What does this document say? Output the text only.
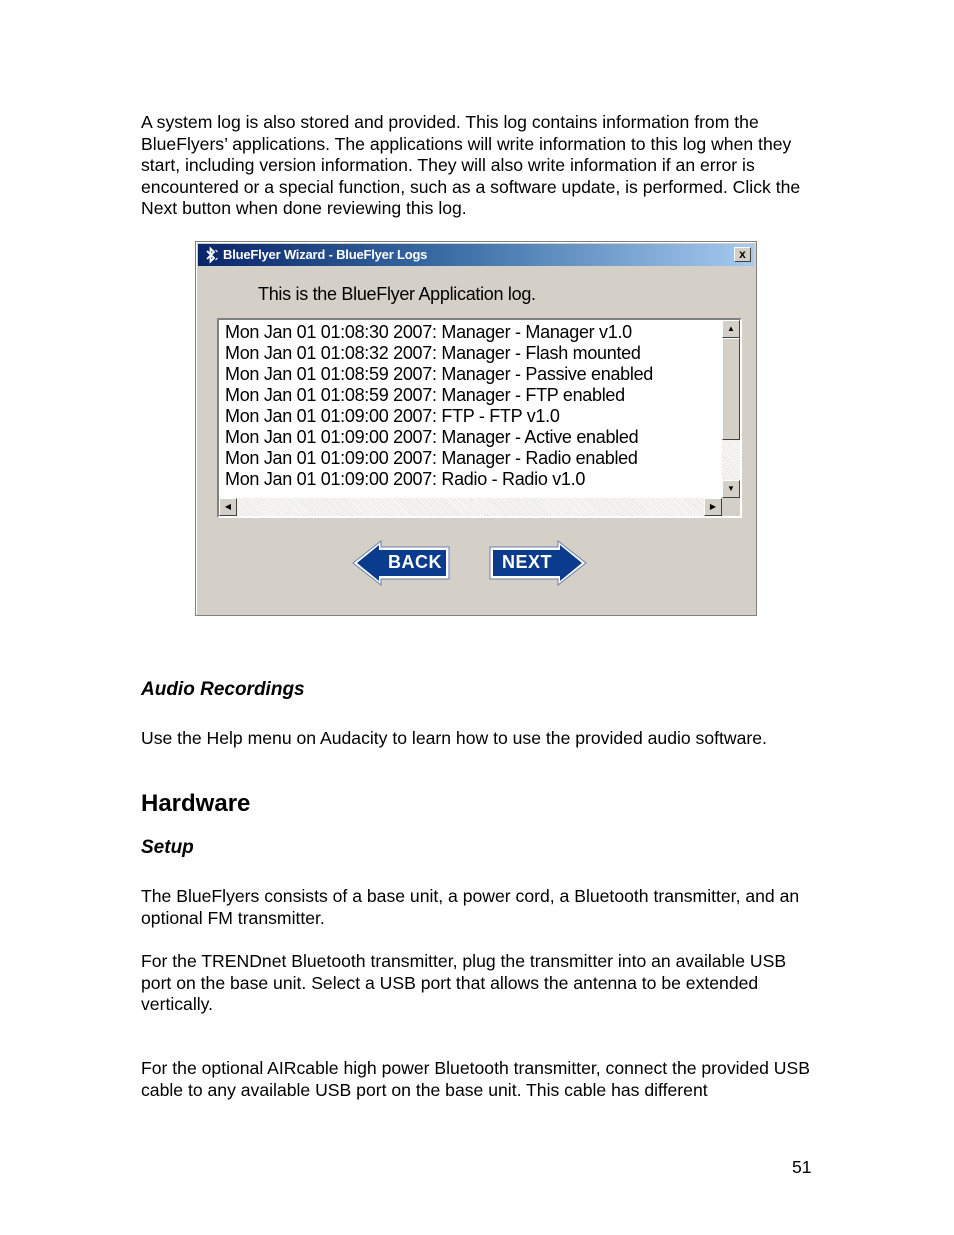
A system log is also stored and provided. This log contains information from the BlueFlyers’ applications. The applications will write information to this log when they start, including version information. They will also write information if an error is encountered or a special function, such as a software update, is performed. Click the Next button when done reviewing this log.

BlueFlyer Wizard - BlueFlyer Logs	x
This is the BlueFlyer Application log.
Mon Jan 01 01:08:30 2007: Manager - Manager v1.0
Mon Jan 01 01:08:32 2007: Manager - Flash mounted
Mon Jan 01 01:08:59 2007: Manager - Passive enabled
Mon Jan 01 01:08:59 2007: Manager - FTP enabled
Mon Jan 01 01:09:00 2007: FTP - FTP v1.0
Mon Jan 01 01:09:00 2007: Manager - Active enabled
Mon Jan 01 01:09:00 2007: Manager - Radio enabled
Mon Jan 01 01:09:00 2007: Radio - Radio v1.0
▲
▼
◀	▶
BACK	NEXT
Audio Recordings

Use the Help menu on Audacity to learn how to use the provided audio software.

Hardware
Setup

The BlueFlyers consists of a base unit, a power cord, a Bluetooth transmitter, and an optional FM transmitter.

For the TRENDnet Bluetooth transmitter, plug the transmitter into an available USB port on the base unit. Select a USB port that allows the antenna to be extended vertically.

For the optional AIRcable high power Bluetooth transmitter, connect the provided USB cable to any available USB port on the base unit. This cable has different

51
